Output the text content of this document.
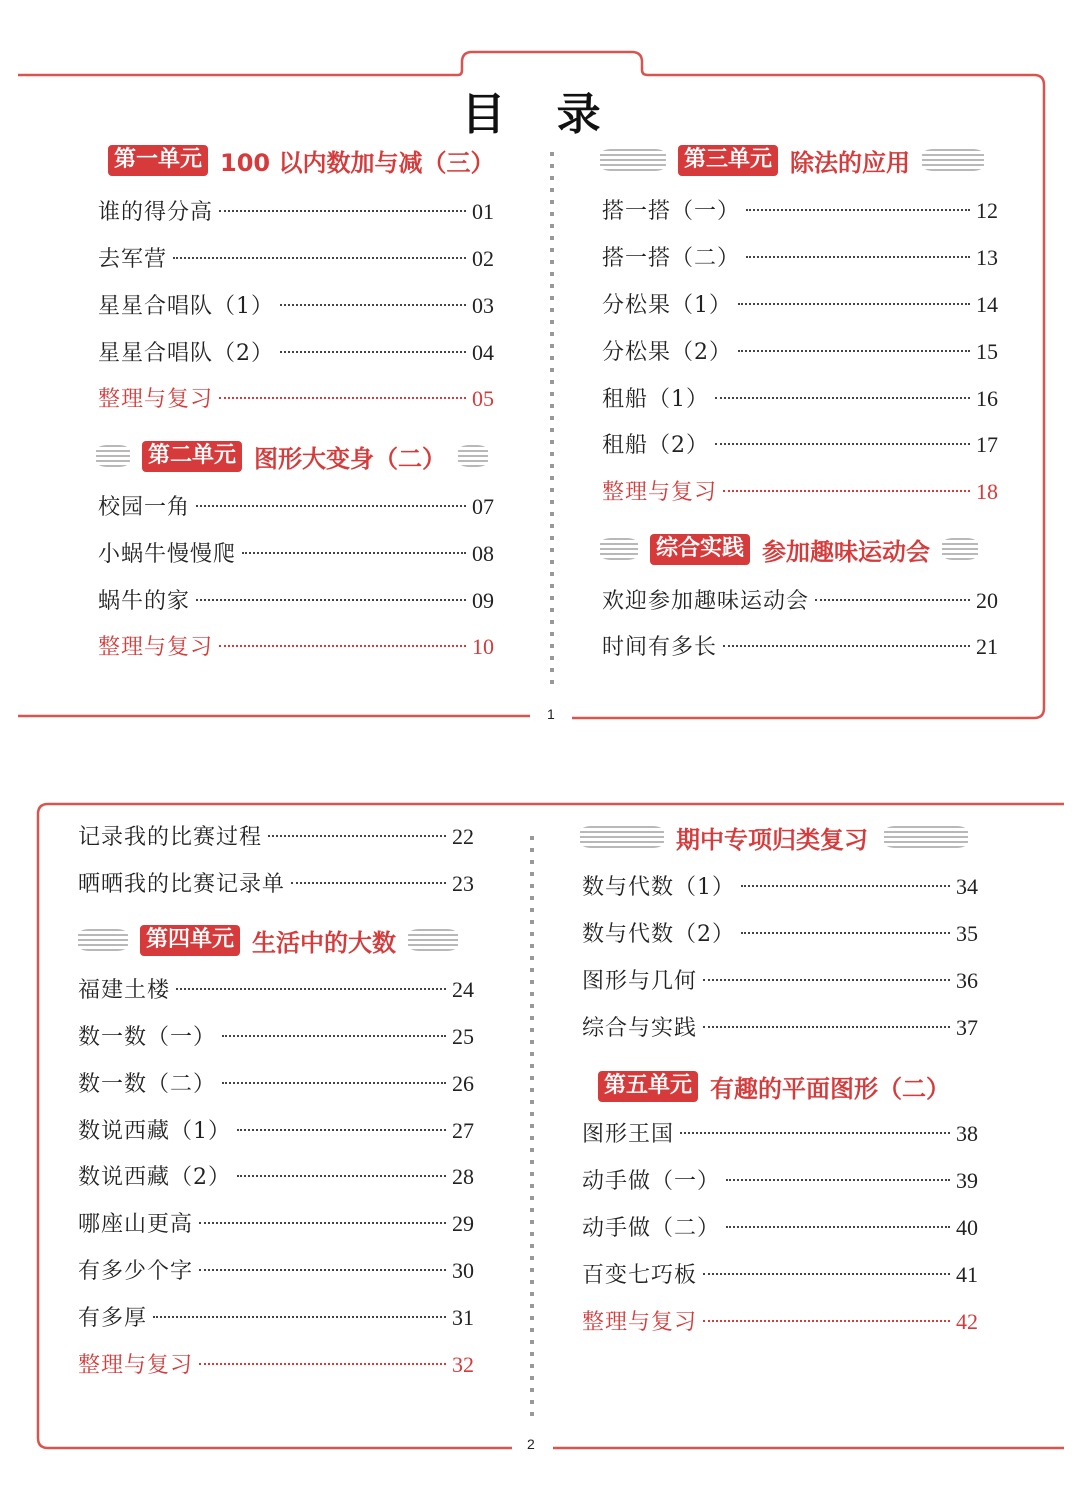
目 录
1
第一单元 100 以内数加与减（三）
谁的得分高	01
去军营	02
星星合唱队（1）	03
星星合唱队（2）	04
整理与复习	05
第二单元 图形大变身（二）
校园一角	07
小蜗牛慢慢爬	08
蜗牛的家	09
整理与复习	10
第三单元 除法的应用
搭一搭（一）	12
搭一搭（二）	13
分松果（1）	14
分松果（2）	15
租船（1）	16
租船（2）	17
整理与复习	18
综合实践 参加趣味运动会
欢迎参加趣味运动会	20
时间有多长	21
2
记录我的比赛过程	22
晒晒我的比赛记录单	23
第四单元 生活中的大数
福建土楼	24
数一数（一）	25
数一数（二）	26
数说西藏（1）	27
数说西藏（2）	28
哪座山更高	29
有多少个字	30
有多厚	31
整理与复习	32
期中专项归类复习
数与代数（1）	34
数与代数（2）	35
图形与几何	36
综合与实践	37
第五单元 有趣的平面图形（二）
图形王国	38
动手做（一）	39
动手做（二）	40
百变七巧板	41
整理与复习	42
